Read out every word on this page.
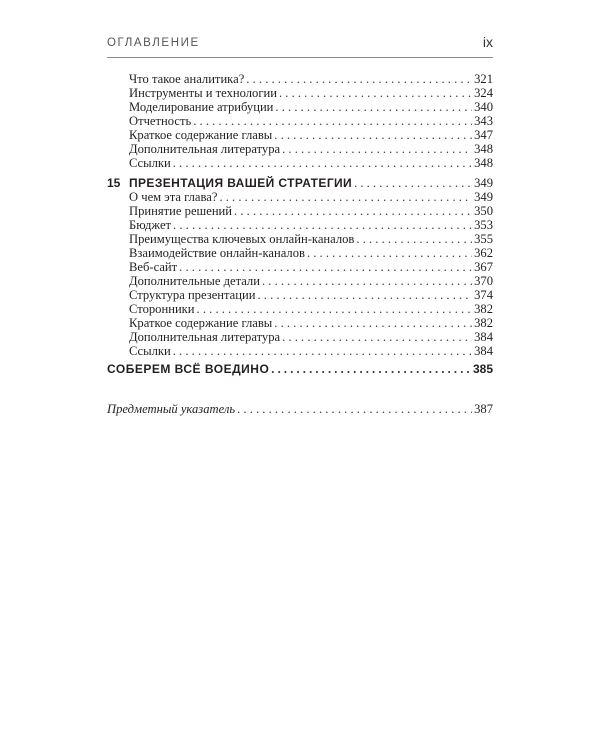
ОГЛАВЛЕНИЕ	ix
Что такое аналитика? . . .	321
Инструменты и технологии . . .	324
Моделирование атрибуции . . .	340
Отчетность . . .	343
Краткое содержание главы . . .	347
Дополнительная литература . . .	348
Ссылки . . .	348
15 ПРЕЗЕНТАЦИЯ ВАШЕЙ СТРАТЕГИИ . . .	349
О чем эта глава? . . .	349
Принятие решений . . .	350
Бюджет . . .	353
Преимущества ключевых онлайн-каналов . . .	355
Взаимодействие онлайн-каналов . . .	362
Веб-сайт . . .	367
Дополнительные детали . . .	370
Структура презентации . . .	374
Сторонники . . .	382
Краткое содержание главы . . .	382
Дополнительная литература . . .	384
Ссылки . . .	384
СОБЕРЕМ ВСЁ ВОЕДИНО . . .	385
Предметный указатель . . .	387
